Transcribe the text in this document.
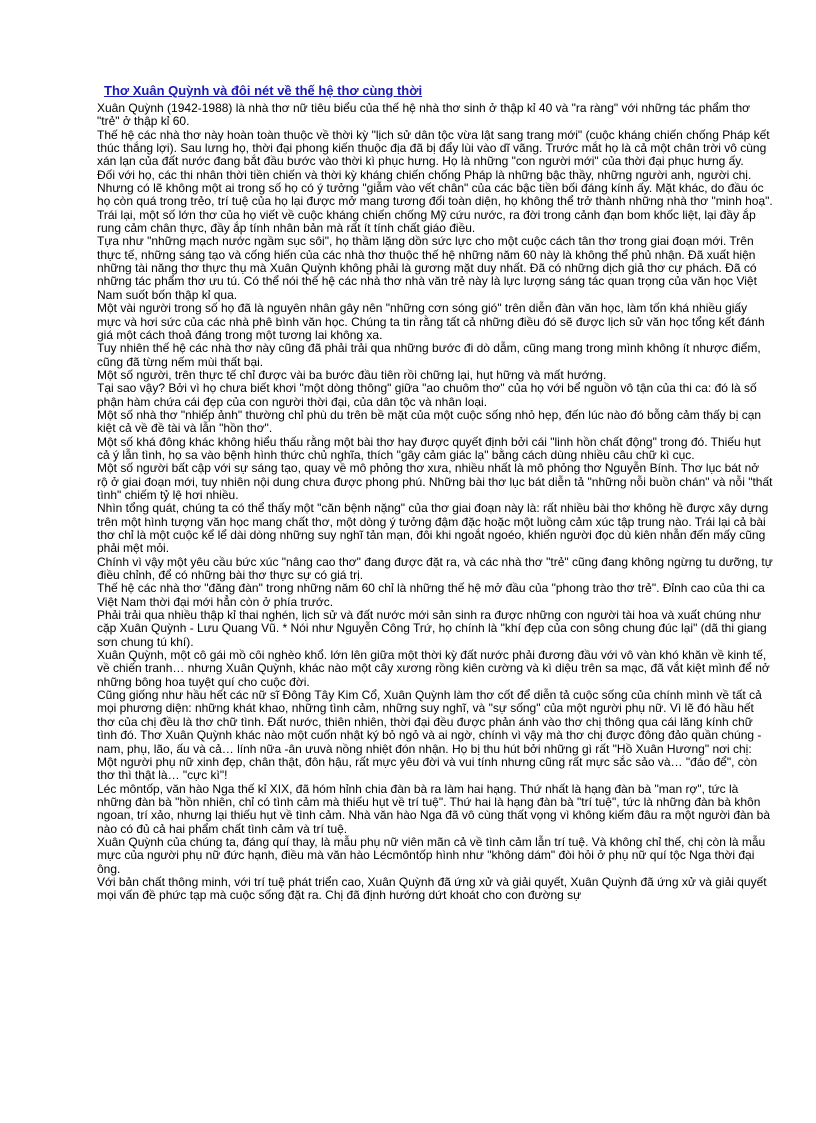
Thơ Xuân Quỳnh và đôi nét về thế hệ thơ cùng thời

Xuân Quỳnh (1942-1988) là nhà thơ nữ tiêu biểu của thế hệ nhà thơ sinh ở thập kỉ 40 và "ra ràng" với những tác phẩm thơ "trẻ" ở thập kỉ 60.

Thế hệ các nhà thơ này hoàn toàn thuộc về thời kỳ "lịch sử dân tộc vừa lật sang trang mới" (cuộc kháng chiến chống Pháp kết thúc thắng lợi). Sau lưng họ, thời đại phong kiến thuộc địa đã bị đẩy lùi vào dĩ vãng. Trước mắt họ là cả một chân trời vô cùng xán lạn của đất nước đang bắt đầu bước vào thời kì phục hưng. Họ là những "con người mới" của thời đại phục hưng ấy.

Đối với họ, các thi nhân thời tiền chiến và thời kỳ kháng chiến chống Pháp là những bậc thầy, những người anh, người chị. Nhưng có lẽ không một ai trong số họ có ý tưởng "giẫm vào vết chân" của các bậc tiền bối đáng kính ấy. Mặt khác, do đầu óc họ còn quá trong trẻo, trí tuệ của họ lại được mở mang tương đối toàn diện, họ không thể trở thành những nhà thơ "minh hoạ". Trái lại, một số lớn thơ của họ viết về cuộc kháng chiến chống Mỹ cứu nước, ra đời trong cảnh đạn bom khốc liệt, lại đầy ắp rung cảm chân thực, đầy ắp tính nhân bản mà rất ít tính chất giáo điều.

Tựa như "những mạch nước ngầm sục sôi", họ thầm lặng dồn sức lực cho một cuộc cách tân thơ trong giai đoạn mới. Trên thực tế, những sáng tạo và cống hiến của các nhà thơ thuộc thế hệ những năm 60 này là không thể phủ nhận. Đã xuất hiện những tài năng thơ thực thụ mà Xuân Quỳnh không phải là gương mặt duy nhất. Đã có những dịch giả thơ cự phách. Đã có những tác phẩm thơ ưu tú. Có thể nói thế hệ các nhà thơ nhà văn trẻ này là lực lượng sáng tác quan trọng của văn học Việt Nam suốt bốn thập kỉ qua.

Một vài người trong số họ đã là nguyên nhân gây nên "những cơn sóng gió" trên diễn đàn văn học, làm tốn khá nhiều giấy mực và hơi sức của các nhà phê bình văn học. Chúng ta tin rằng tất cả những điều đó sẽ được lịch sử văn học tổng kết đánh giá một cách thoả đáng trong một tương lai không xa.

Tuy nhiên thế hệ các nhà thơ này cũng đã phải trải qua những bước đi dò dẫm, cũng mang trong mình không ít nhược điểm, cũng đã từng nếm mùi thất bại.

Một số người, trên thực tế chỉ được vài ba bước đầu tiên rồi chững lại, hụt hững và mất hướng.

Tại sao vậy? Bởi vì họ chưa biết khơi "một dòng thông" giữa "ao chuôm thơ" của họ với bể nguồn vô tận của thi ca: đó là số phận hàm chứa cái đẹp của con người thời đại, của dân tộc và nhân loại.

Một số nhà thơ "nhiếp ảnh" thường chỉ phù du trên bề mặt của một cuộc sống nhỏ hẹp, đến lúc nào đó bỗng cảm thấy bị cạn kiệt cả về đề tài và lẫn "hồn thơ".

Một số khá đông khác không hiểu thấu rằng một bài thơ hay được quyết định bởi cái "linh hồn chất động" trong đó. Thiếu hụt cả ý lẫn tình, họ sa vào bệnh hình thức chủ nghĩa, thích "gây cảm giác lạ" bằng cách dùng nhiều câu chữ kì cục.

Một số người bất cập với sự sáng tạo, quay về mô phỏng thơ xưa, nhiều nhất là mô phỏng thơ Nguyễn Bính. Thơ lục bát nở rộ ở giai đoạn mới, tuy nhiên nội dung chưa được phong phú. Những bài thơ lục bát diễn tả "những nỗi buồn chán" và nỗi "thất tình" chiếm tỷ lệ hơi nhiều.

Nhìn tổng quát, chúng ta có thể thấy một "căn bệnh nặng" của thơ giai đoạn này là: rất nhiều bài thơ không hề được xây dựng trên một hình tượng văn học mang chất thơ, một dòng ý tưởng đậm đặc hoặc một luồng cảm xúc tập trung nào. Trái lại cả bài thơ chỉ là một cuộc kể lể dài dòng những suy nghĩ tản mạn, đôi khi ngoắt ngoéo, khiến người đọc dù kiên nhẫn đến mấy cũng phải mệt mỏi.

Chính vì vậy một yêu cầu bức xúc "nâng cao thơ" đang được đặt ra, và các nhà thơ "trẻ" cũng đang không ngừng tu dưỡng, tự điều chỉnh, để có những bài thơ thực sự có giá trị.

Thế hệ các nhà thơ "đăng đàn" trong những năm 60 chỉ là những thế hệ mở đầu của "phong trào thơ trẻ". Đỉnh cao của thi ca Việt Nam thời đại mới hẳn còn ở phía trước.

Phải trải qua nhiều thập kỉ thai nghén, lịch sử và đất nước mới sản sinh ra được những con người tài hoa và xuất chúng như cặp Xuân Quỳnh - Lưu Quang Vũ. * Nói như Nguyễn Công Trứ, họ chính là "khí đẹp của con sông chung đúc lại" (dã thi giang sơn chung tú khí).

Xuân Quỳnh, một cô gái mồ côi nghèo khổ. lớn lên giữa một thời kỳ đất nước phải đương đầu với vô vàn khó khăn về kinh tế, về chiến tranh… nhưng Xuân Quỳnh, khác nào một cây xương rồng kiên cường và kì diệu trên sa mạc, đã vắt kiệt mình để nở những bông hoa tuyệt quí cho cuộc đời.

Cũng giống như hầu hết các nữ sĩ Đông Tây Kim Cổ, Xuân Quỳnh làm thơ cốt để diễn tả cuộc sống của chính mình về tất cả mọi phương diện: những khát khao, những tình cảm, những suy nghĩ, và "sự sống" của một người phụ nữ. Vì lẽ đó hầu hết thơ của chị đều là thơ chữ tình. Đất nước, thiên nhiên, thời đại đều được phản ánh vào thơ chị thông qua cái lăng kính chữ tình đó. Thơ Xuân Quỳnh khác nào một cuốn nhật ký bỏ ngỏ và ai ngờ, chính vì vậy mà thơ chị được đông đảo quần chúng - nam, phụ, lão, ấu và cả… lính nữa -ân ưuvà nồng nhiệt đón nhận. Họ bị thu hút bởi những gì rất "Hồ Xuân Hương" nơi chị: Một người phụ nữ xinh đẹp, chân thật, đôn hậu, rất mực yêu đời và vui tính nhưng cũng rất mực sắc sảo và… "đáo để", còn thơ thì thật là… "cực kì"!

Léc môntốp, văn hào Nga thế kỉ XIX, đã hóm hỉnh chia đàn bà ra làm hai hạng. Thứ nhất là hạng đàn bà "man rợ", tức là những đàn bà "hồn nhiên, chỉ có tình cảm mà thiếu hụt về trí tuệ". Thứ hai là hạng đàn bà "trí tuệ", tức là những đàn bà khôn ngoan, trí xảo, nhưng lại thiếu hụt về tình cảm. Nhà văn hào Nga đã vô cùng thất vọng vì không kiếm đâu ra một người đàn bà nào có đủ cả hai phẩm chất tình cảm và trí tuệ.

Xuân Quỳnh của chúng ta, đáng quí thay, là mẫu phụ nữ viên mãn cả về tình cảm lẫn trí tuệ. Và không chỉ thế, chị còn là mẫu mực của người phụ nữ đức hạnh, điều mà văn hào Lécmôntốp hình như "không dám" đòi hỏi ở phụ nữ quí tộc Nga thời đại ông.

Với bản chất thông minh, với trí tuệ phát triển cao, Xuân Quỳnh đã ứng xử và giải quyết, Xuân Quỳnh đã ứng xử và giải quyết mọi vấn đề phức tạp mà cuộc sống đặt ra. Chị đã định hướng dứt khoát cho con đường sự
